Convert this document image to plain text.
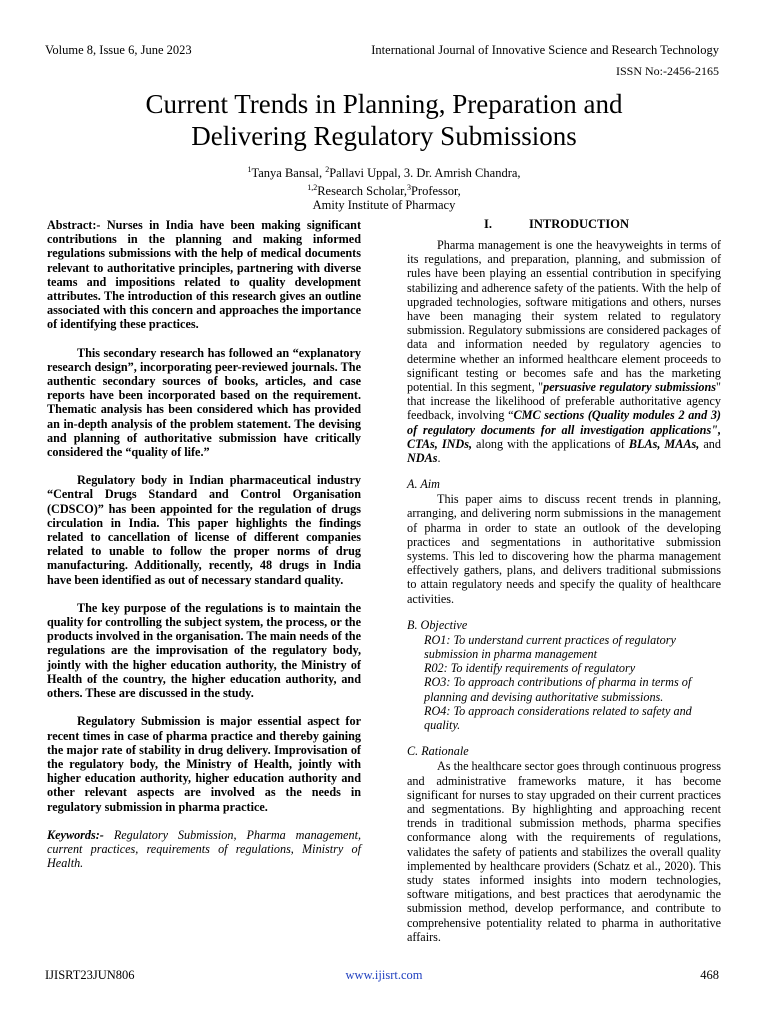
Volume 8, Issue 6, June 2023	International Journal of Innovative Science and Research Technology
ISSN No:-2456-2165
Current Trends in Planning, Preparation and
Delivering Regulatory Submissions
$^1$Tanya Bansal, $^2$Pallavi Uppal, 3. Dr. Amrish Chandra,
$^{1,2}$Research Scholar,$^3$Professor,
Amity Institute of Pharmacy

Abstract:- Nurses in India have been making significant contributions in the planning and making informed regulations submissions with the help of medical documents relevant to authoritative principles, partnering with diverse teams and impositions related to quality development attributes. The introduction of this research gives an outline associated with this concern and approaches the importance of identifying these practices.

This secondary research has followed an “explanatory research design”, incorporating peer-reviewed journals. The authentic secondary sources of books, articles, and case reports have been incorporated based on the requirement. Thematic analysis has been considered which has provided an in-depth analysis of the problem statement. The devising and planning of authoritative submission have critically considered the “quality of life.”

Regulatory body in Indian pharmaceutical industry “Central Drugs Standard and Control Organisation (CDSCO)” has been appointed for the regulation of drugs circulation in India. This paper highlights the findings related to cancellation of license of different companies related to unable to follow the proper norms of drug manufacturing. Additionally, recently, 48 drugs in India have been identified as out of necessary standard quality.

The key purpose of the regulations is to maintain the quality for controlling the subject system, the process, or the products involved in the organisation. The main needs of the regulations are the improvisation of the regulatory body, jointly with the higher education authority, the Ministry of Health of the country, the higher education authority, and others. These are discussed in the study.

Regulatory Submission is major essential aspect for recent times in case of pharma practice and thereby gaining the major rate of stability in drug delivery. Improvisation of the regulatory body, the Ministry of Health, jointly with higher education authority, higher education authority and other relevant aspects are involved as the needs in regulatory submission in pharma practice.

Keywords:- Regulatory Submission, Pharma management, current practices, requirements of regulations, Ministry of Health.

I.	INTRODUCTION

Pharma management is one the heavyweights in terms of its regulations, and preparation, planning, and submission of rules have been playing an essential contribution in specifying stabilizing and adherence safety of the patients. With the help of upgraded technologies, software mitigations and others, nurses have been managing their system related to regulatory submission. Regulatory submissions are considered packages of data and information needed by regulatory agencies to determine whether an informed healthcare element proceeds to significant testing or becomes safe and has the marketing potential. In this segment, "persuasive regulatory submissions" that increase the likelihood of preferable authoritative agency feedback, involving “CMC sections (Quality modules 2 and 3) of regulatory documents for all investigation applications", CTAs, INDs, along with the applications of BLAs, MAAs, and NDAs.

A. Aim

This paper aims to discuss recent trends in planning, arranging, and delivering norm submissions in the management of pharma in order to state an outlook of the developing practices and segmentations in authoritative submission systems. This led to discovering how the pharma management effectively gathers, plans, and delivers traditional submissions to attain regulatory needs and specify the quality of healthcare activities.

B. Objective
RO1: To understand current practices of regulatory submission in pharma management
R02: To identify requirements of regulatory
RO3: To approach contributions of pharma in terms of planning and devising authoritative submissions.
RO4: To approach considerations related to safety and quality.
C. Rationale

As the healthcare sector goes through continuous progress and administrative frameworks mature, it has become significant for nurses to stay upgraded on their current practices and segmentations. By highlighting and approaching recent trends in traditional submission methods, pharma specifies conformance along with the requirements of regulations, validates the safety of patients and stabilizes the overall quality implemented by healthcare providers (Schatz et al., 2020). This study states informed insights into modern technologies, software mitigations, and best practices that aerodynamic the submission method, develop performance, and contribute to comprehensive potentiality related to pharma in authoritative affairs.

IJISRT23JUN806	www.ijisrt.com	468
